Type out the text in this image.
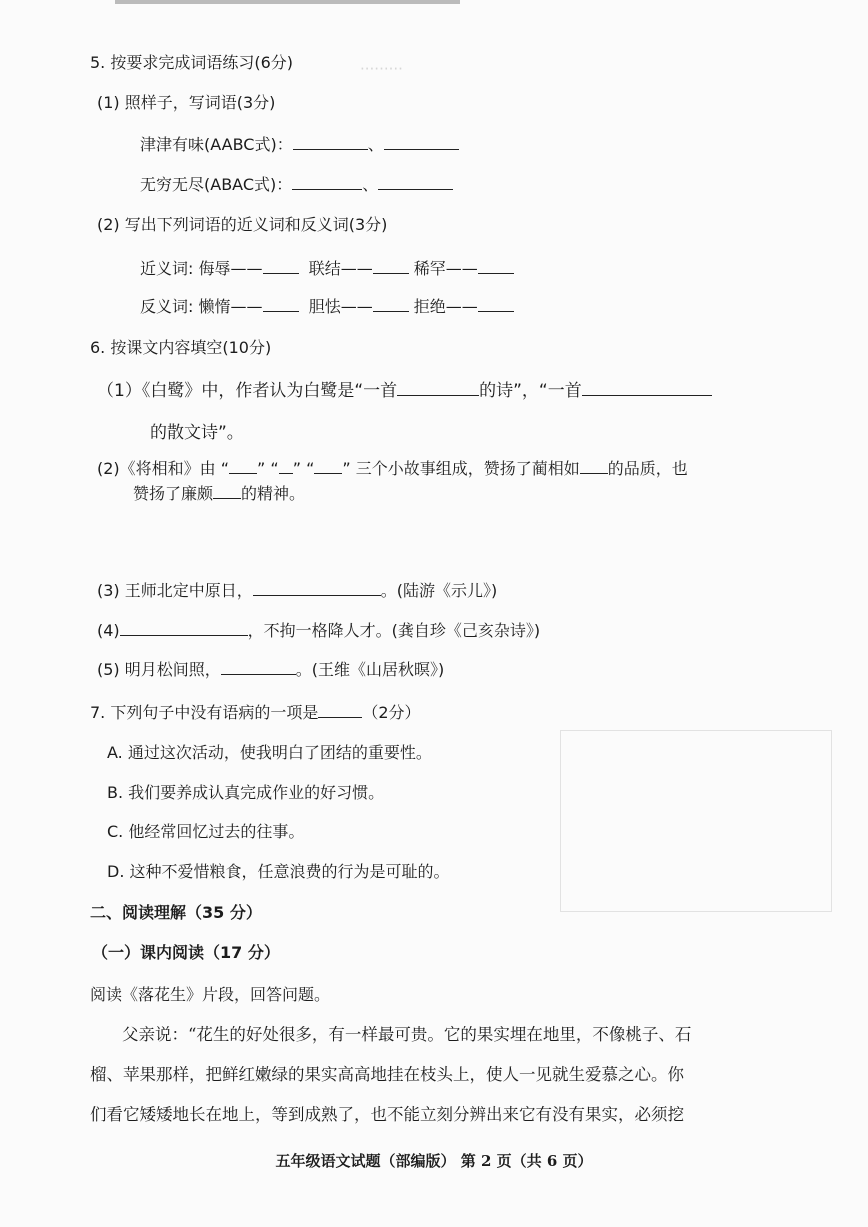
·········
5. 按要求完成词语练习(6分)
(1) 照样子，写词语(3分)
津津有味(AABC式)：	、
无穷无尽(ABAC式)：	、
(2) 写出下列词语的近义词和反义词(3分)
近义词: 侮辱——	联结——	稀罕——
反义词: 懒惰——	胆怯——	拒绝——
6. 按课文内容填空(10分)
（1）《白鹭》中，作者认为白鹭是“一首	的诗”，“一首
的散文诗”。
(2)《将相和》由 “ ” “ ” “ ” 三个小故事组成，赞扬了蔺相如 的品质，也
赞扬了廉颇 的精神。
(3) 王师北定中原日，	。(陆游《示儿》)
(4)	，不拘一格降人才。(龚自珍《己亥杂诗》)
(5) 明月松间照，	。(王维《山居秋暝》)
7. 下列句子中没有语病的一项是	（2分）
A. 通过这次活动，使我明白了团结的重要性。
B. 我们要养成认真完成作业的好习惯。
C. 他经常回忆过去的往事。
D. 这种不爱惜粮食，任意浪费的行为是可耻的。
二、阅读理解（35 分）
（一）课内阅读（17 分）
阅读《落花生》片段，回答问题。
父亲说：“花生的好处很多，有一样最可贵。它的果实埋在地里，不像桃子、石
榴、苹果那样，把鲜红嫩绿的果实高高地挂在枝头上，使人一见就生爱慕之心。你
们看它矮矮地长在地上，等到成熟了，也不能立刻分辨出来它有没有果实，必须挖
五年级语文试题（部编版） 第 2 页（共 6 页）
